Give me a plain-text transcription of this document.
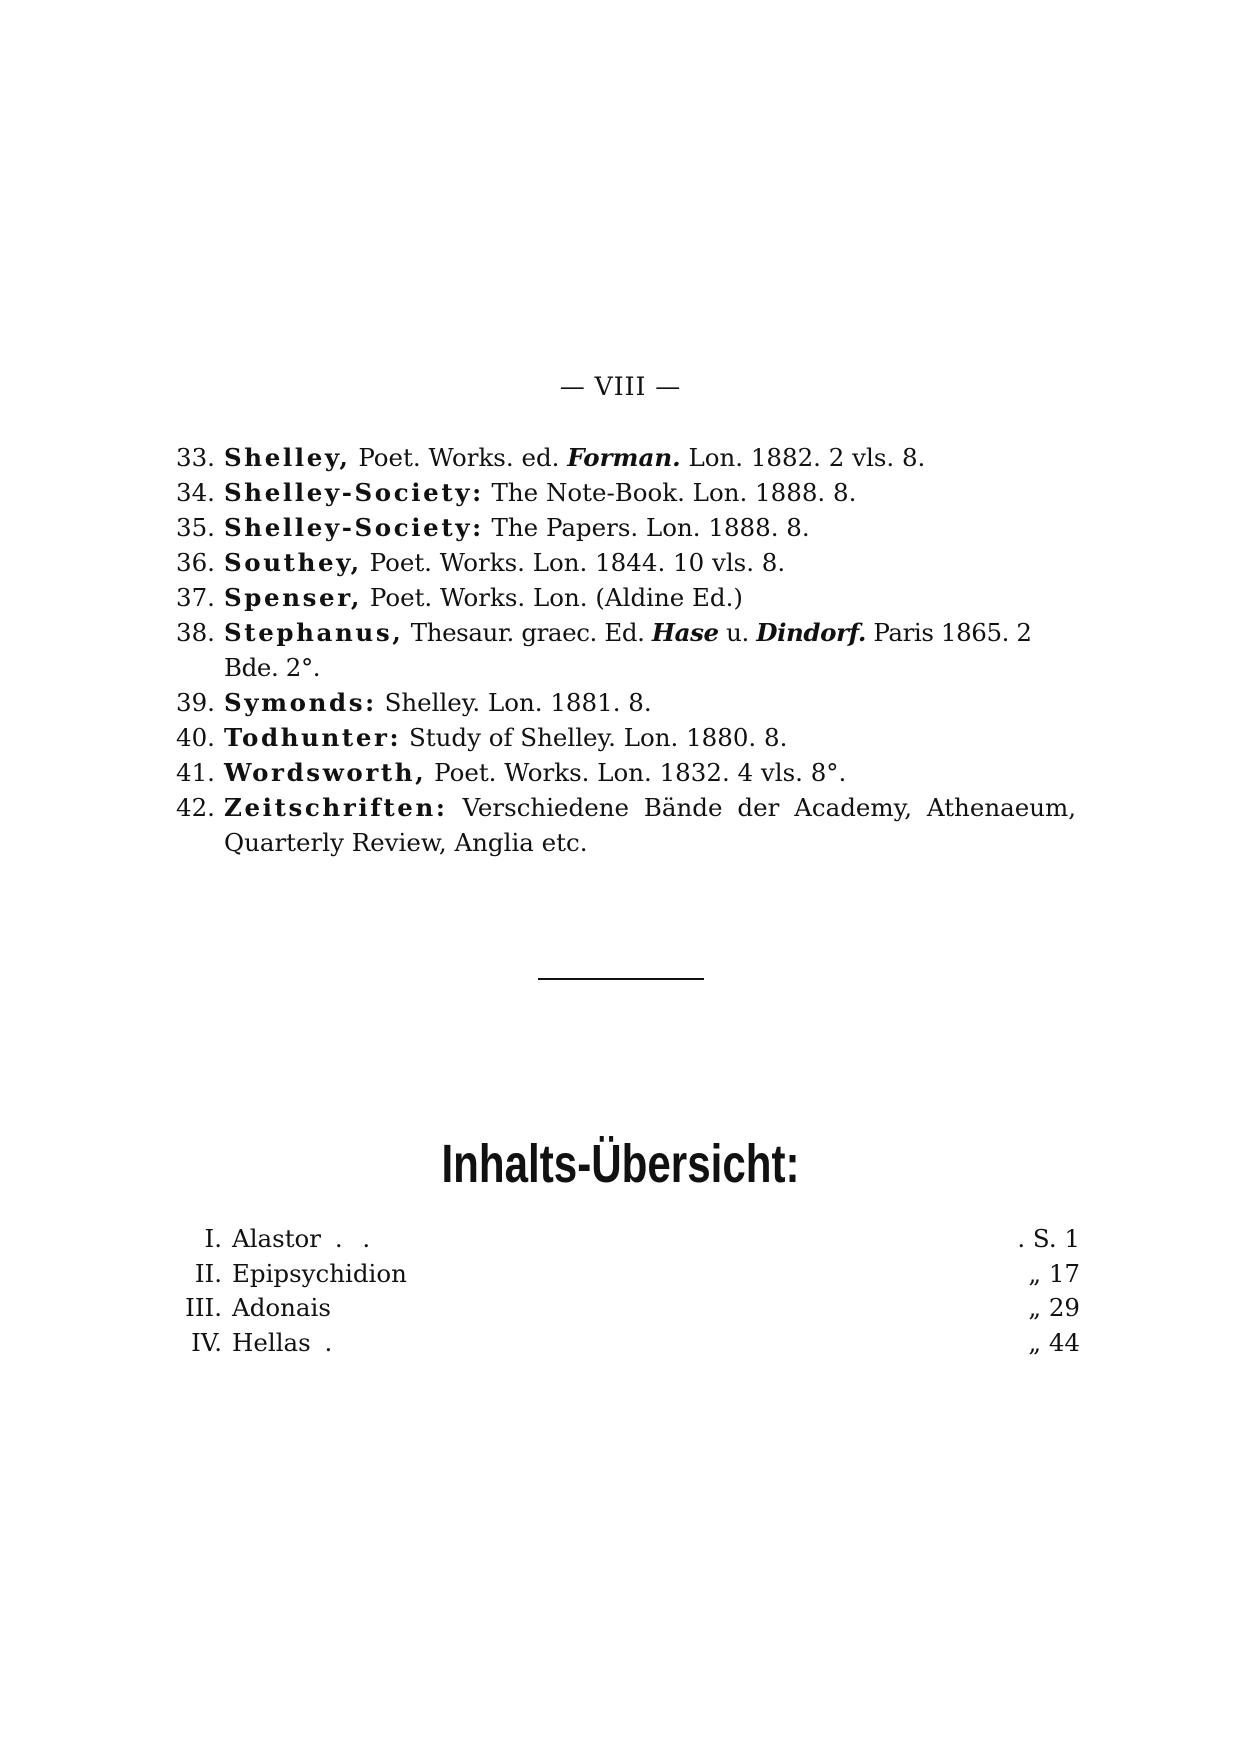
— VIII —
33. Shelley, Poet. Works. ed. Forman. Lon. 1882. 2 vls. 8.
34. Shelley-Society: The Note-Book. Lon. 1888. 8.
35. Shelley-Society: The Papers. Lon. 1888. 8.
36. Southey, Poet. Works. Lon. 1844. 10 vls. 8.
37. Spenser, Poet. Works. Lon. (Aldine Ed.)
38. Stephanus, Thesaur. graec. Ed. Hase u. Dindorf. Paris 1865. 2 Bde. 2°.
39. Symonds: Shelley. Lon. 1881. 8.
40. Todhunter: Study of Shelley. Lon. 1880. 8.
41. Wordsworth, Poet. Works. Lon. 1832. 4 vls. 8°.
42. Zeitschriften: Verschiedene Bände der Academy, Athenaeum, Quarterly Review, Anglia etc.
Inhalts-Übersicht:
I. Alastor . .	. S. 1
II. Epipsychidion	„ 17
III. Adonais	„ 29
IV. Hellas .	„ 44
